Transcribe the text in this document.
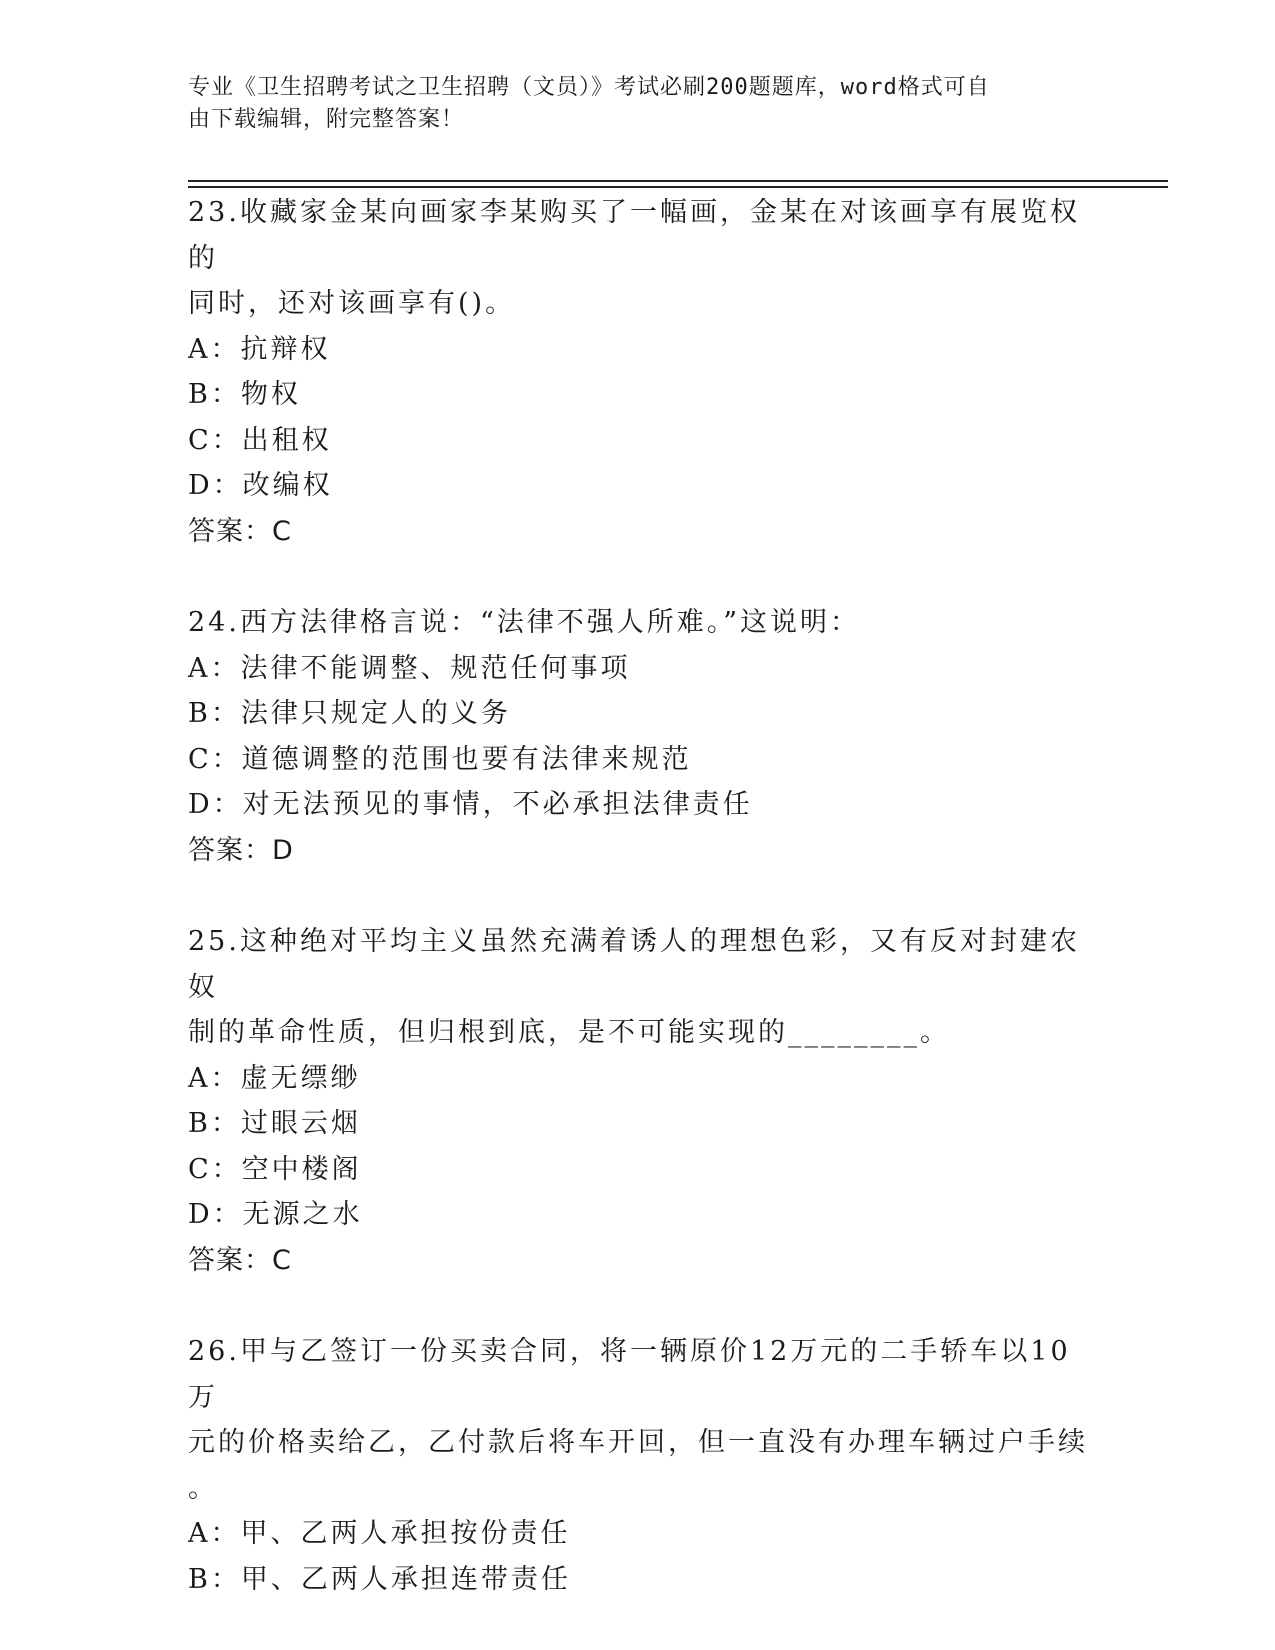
专业《卫生招聘考试之卫生招聘（文员）》考试必刷200题题库，word格式可自
由下载编辑，附完整答案！
23.收藏家金某向画家李某购买了一幅画，金某在对该画享有展览权的
同时，还对该画享有()。
A：抗辩权
B：物权
C：出租权
D：改编权
答案：C
24.西方法律格言说：“法律不强人所难。”这说明：
A：法律不能调整、规范任何事项
B：法律只规定人的义务
C：道德调整的范围也要有法律来规范
D：对无法预见的事情，不必承担法律责任
答案：D
25.这种绝对平均主义虽然充满着诱人的理想色彩，又有反对封建农奴
制的革命性质，但归根到底，是不可能实现的________。
A：虚无缥缈
B：过眼云烟
C：空中楼阁
D：无源之水
答案：C
26.甲与乙签订一份买卖合同，将一辆原价12万元的二手轿车以10万
元的价格卖给乙，乙付款后将车开回，但一直没有办理车辆过户手续
。
A：甲、乙两人承担按份责任
B：甲、乙两人承担连带责任
